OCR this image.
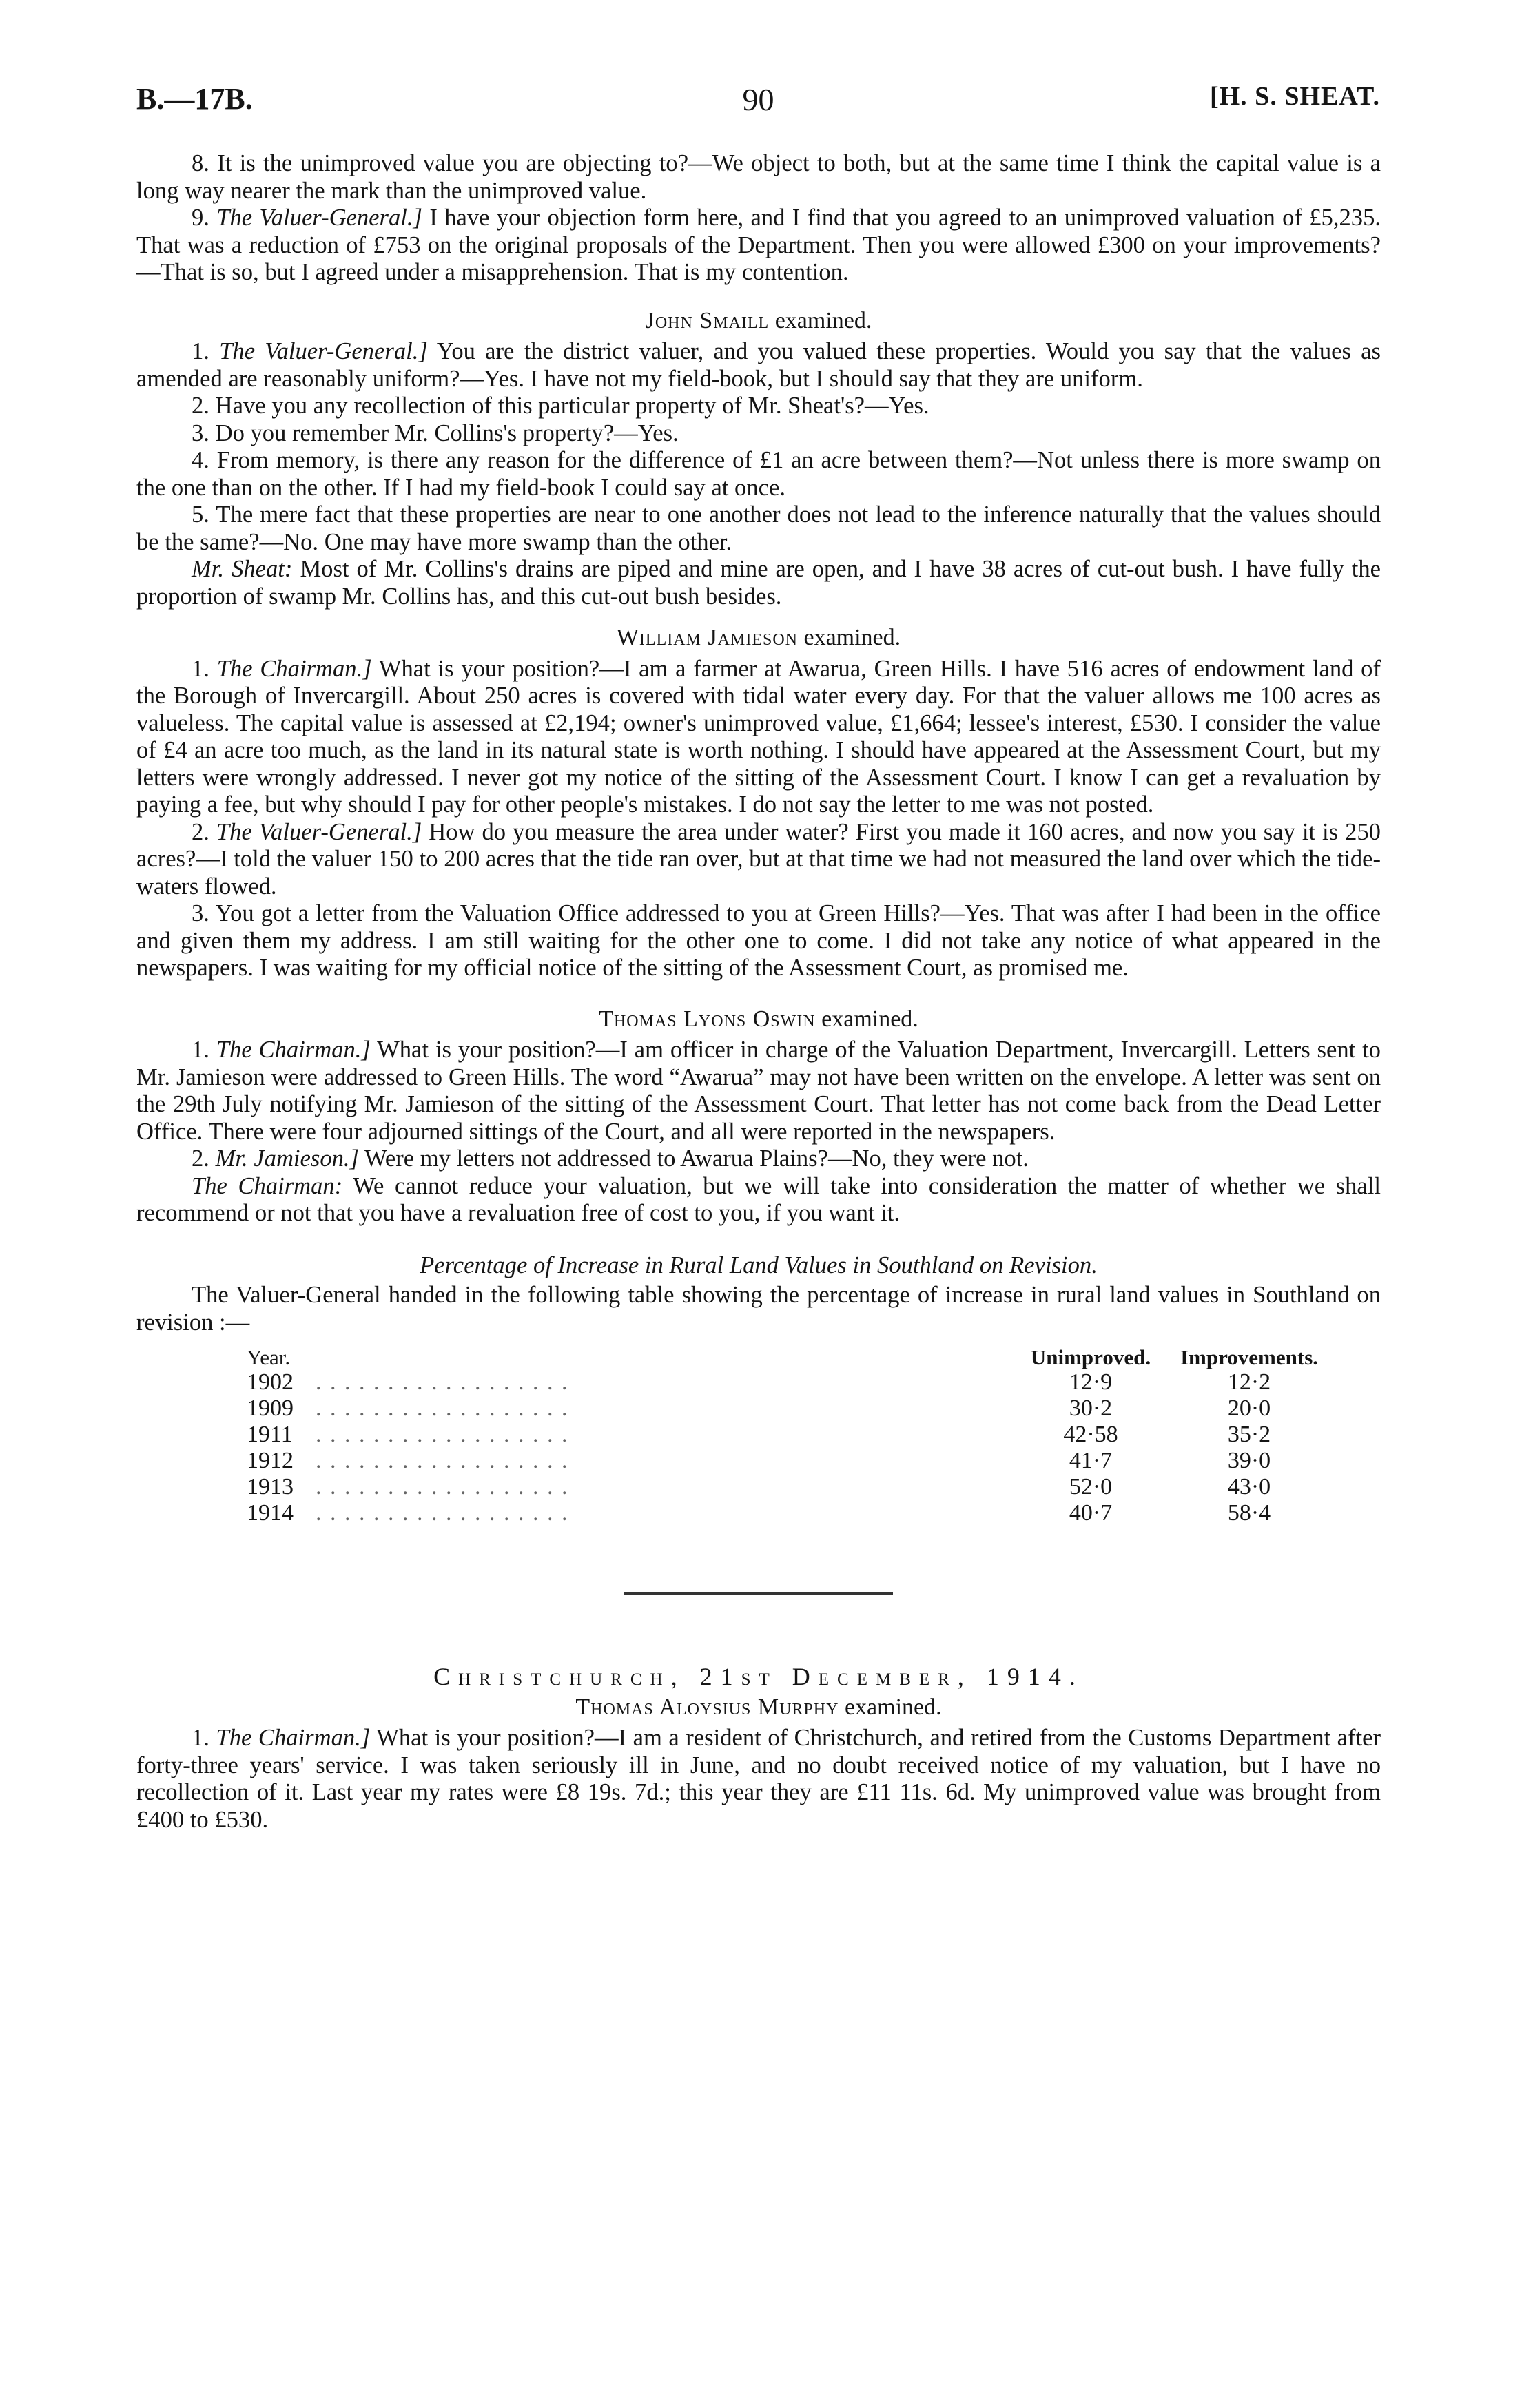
B.—17B.	90	[H. S. SHEAT.

8. It is the unimproved value you are objecting to?—We object to both, but at the same time I think the capital value is a long way nearer the mark than the unimproved value.

9. The Valuer-General.] I have your objection form here, and I find that you agreed to an unimproved valuation of £5,235. That was a reduction of £753 on the original proposals of the Department. Then you were allowed £300 on your improvements?—That is so, but I agreed under a misapprehension. That is my contention.

John Smaill examined.

1. The Valuer-General.] You are the district valuer, and you valued these properties. Would you say that the values as amended are reasonably uniform?—Yes. I have not my field-book, but I should say that they are uniform.

2. Have you any recollection of this particular property of Mr. Sheat's?—Yes.

3. Do you remember Mr. Collins's property?—Yes.

4. From memory, is there any reason for the difference of £1 an acre between them?—Not unless there is more swamp on the one than on the other. If I had my field-book I could say at once.

5. The mere fact that these properties are near to one another does not lead to the inference naturally that the values should be the same?—No. One may have more swamp than the other.

Mr. Sheat: Most of Mr. Collins's drains are piped and mine are open, and I have 38 acres of cut-out bush. I have fully the proportion of swamp Mr. Collins has, and this cut-out bush besides.

William Jamieson examined.

1. The Chairman.] What is your position?—I am a farmer at Awarua, Green Hills. I have 516 acres of endowment land of the Borough of Invercargill. About 250 acres is covered with tidal water every day. For that the valuer allows me 100 acres as valueless. The capital value is assessed at £2,194; owner's unimproved value, £1,664; lessee's interest, £530. I consider the value of £4 an acre too much, as the land in its natural state is worth nothing. I should have appeared at the Assessment Court, but my letters were wrongly addressed. I never got my notice of the sitting of the Assessment Court. I know I can get a revaluation by paying a fee, but why should I pay for other people's mistakes. I do not say the letter to me was not posted.

2. The Valuer-General.] How do you measure the area under water? First you made it 160 acres, and now you say it is 250 acres?—I told the valuer 150 to 200 acres that the tide ran over, but at that time we had not measured the land over which the tide-waters flowed.

3. You got a letter from the Valuation Office addressed to you at Green Hills?—Yes. That was after I had been in the office and given them my address. I am still waiting for the other one to come. I did not take any notice of what appeared in the newspapers. I was waiting for my official notice of the sitting of the Assessment Court, as promised me.

Thomas Lyons Oswin examined.

1. The Chairman.] What is your position?—I am officer in charge of the Valuation Department, Invercargill. Letters sent to Mr. Jamieson were addressed to Green Hills. The word “Awarua” may not have been written on the envelope. A letter was sent on the 29th July notifying Mr. Jamieson of the sitting of the Assessment Court. That letter has not come back from the Dead Letter Office. There were four adjourned sittings of the Court, and all were reported in the newspapers.

2. Mr. Jamieson.] Were my letters not addressed to Awarua Plains?—No, they were not.

The Chairman: We cannot reduce your valuation, but we will take into consideration the matter of whether we shall recommend or not that you have a revaluation free of cost to you, if you want it.

Percentage of Increase in Rural Land Values in Southland on Revision.

The Valuer-General handed in the following table showing the percentage of increase in rural land values in Southland on revision :—

Year.		Unimproved.	Improvements.
1902	. . . . . . . . . . . . . . . . . .	12·9	12·2
1909	. . . . . . . . . . . . . . . . . .	30·2	20·0
1911	. . . . . . . . . . . . . . . . . .	42·58	35·2
1912	. . . . . . . . . . . . . . . . . .	41·7	39·0
1913	. . . . . . . . . . . . . . . . . .	52·0	43·0
1914	. . . . . . . . . . . . . . . . . .	40·7	58·4
Christchurch, 21st December, 1914.
Thomas Aloysius Murphy examined.

1. The Chairman.] What is your position?—I am a resident of Christchurch, and retired from the Customs Department after forty-three years' service. I was taken seriously ill in June, and no doubt received notice of my valuation, but I have no recollection of it. Last year my rates were £8 19s. 7d.; this year they are £11 11s. 6d. My unimproved value was brought from £400 to £530.
